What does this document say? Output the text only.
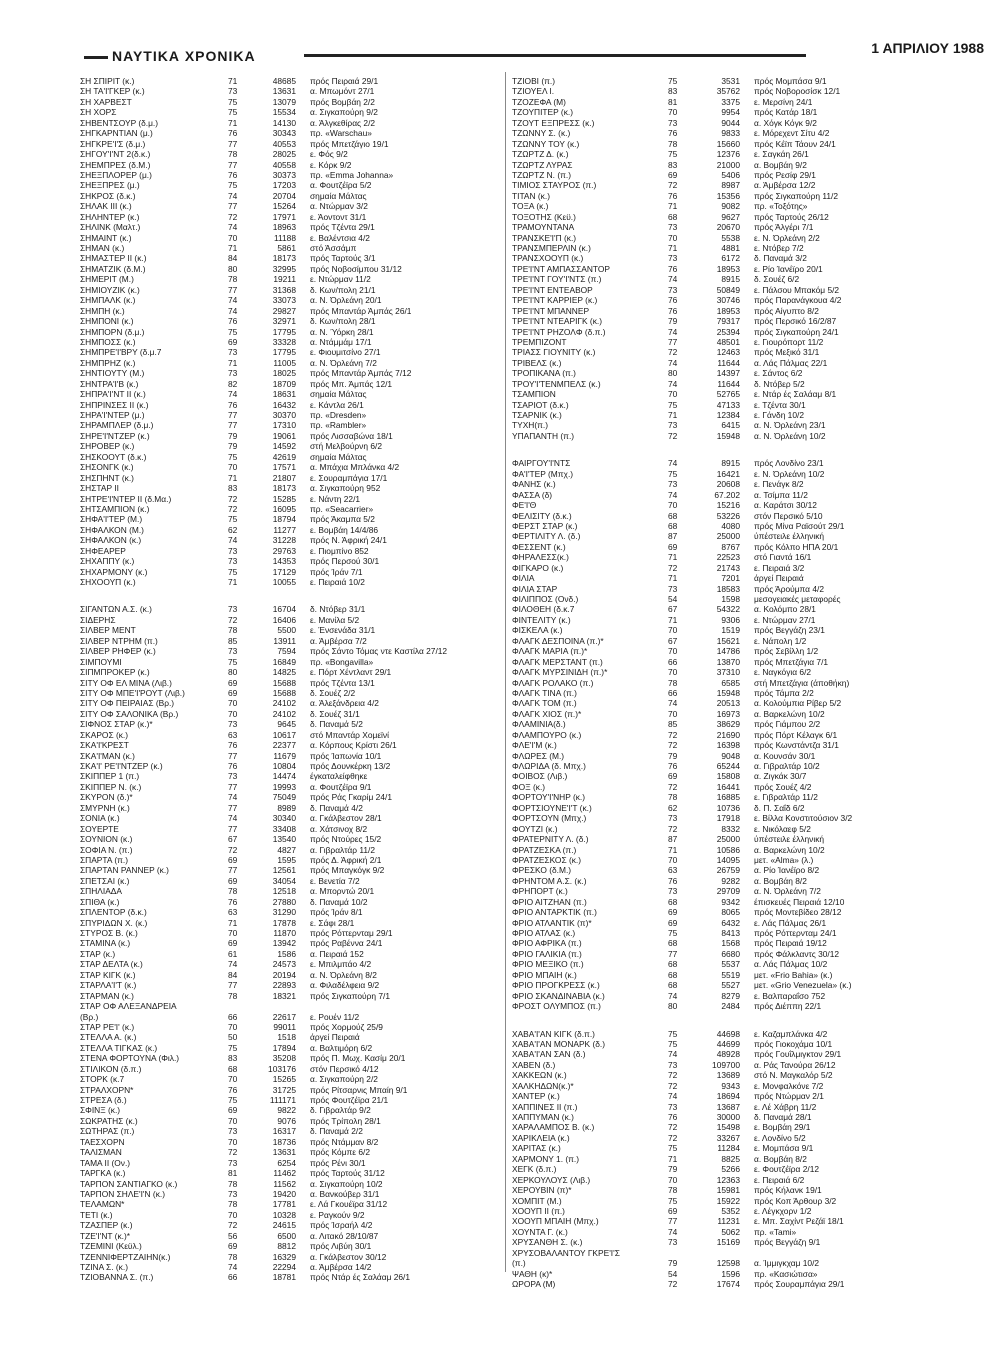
ΝΑΥΤΙΚΑ ΧΡΟΝΙΚΑ	1 ΑΠΡΙΛΙΟΥ 1988
ΣΗ ΣΠΙΡΙΤ (κ.)	71	48685	πρός Πειραιά 29/1
ΣΗ ΤΑ'Ι'ΓΚΕΡ (κ.)	73	13631	α. Μπωμόντ 27/1
ΣΗ ΧΑΡΒΕΣΤ	75	13079	πρός Βομβάη 2/2
ΣΗ ΧΟΡΣ	75	15534	α. Σιγκαπούρη 9/2
ΣΗΒΕΝΤΣΟΥΡ (δ.μ.)	71	14130	α. Άλγκεθίρας 2/2
ΣΗΓΚΑΡΝΤΙΑΝ (μ.)	76	30343	πρ. «Warschau»
ΣΗΓΚΡΕ'Ι'Σ (δ.μ.)	77	40553	πρός Μπετζάγιο 19/1
ΣΗΓΟΥ'Ι'ΝΤ 2(δ.κ.)	78	28025	ε. Φός 9/2
ΣΗΕΜΠΡΕΣ (δ.Μ.)	77	40558	ε. Κόρκ 9/2
ΣΗΕΞΠΛΟΡΕΡ (μ.)	76	30373	πρ. «Emma Johanna»
ΣΗΕΞΠΡΕΣ (μ.)	75	17203	α. Φουτζέϊρα 5/2
ΣΗΚΡΟΣ (δ.κ.)	74	20704	σημαία Μάλτας
ΣΗΛΑΚ ΙΙΙ (κ.)	77	15264	α. Ντώρμαν 3/2
ΣΗΛΗΝΤΕΡ (κ.)	72	17971	ε. Άοντοντ 31/1
ΣΗΛΙΝΚ (Μαλτ.)	74	18963	πρός Τζέντα 29/1
ΣΗΜΑΙΝΤ (κ.)	70	11188	ε. Βαλέντσια 4/2
ΣΗΜΑΝ (κ.)	71	5861	στό Άσσάμπ
ΣΗΜΑΣΤΕΡ ΙΙ (κ.)	84	18173	πρός Ταρτούς 3/1
ΣΗΜΑΤΖΙΚ (δ.Μ.)	80	32995	πρός Νοβοσίμπου 31/12
ΣΗΜΕΡΙΤ (Μ.)	78	19211	ε. Ντώρμαν 11/2
ΣΗΜΙΟΥΖΙΚ (κ.)	77	31368	δ. Κων/πολη 21/1
ΣΗΜΠΑΛΚ (κ.)	74	33073	α. Ν. Όρλεάνη 20/1
ΣΗΜΠΗ (κ.)	74	29827	πρός Μπαντάρ Άμπάς 26/1
ΣΗΜΠΟΝΙ (κ.)	76	32971	δ. Κων/πολη 28/1
ΣΗΜΠΟΡΝ (δ.μ.)	75	17795	α. Ν. Ύόρκη 28/1
ΣΗΜΠΟΣΣ (κ.)	69	33328	α. Ντάμμάμ 17/1
ΣΗΜΠΡΕ'Ι'ΒΡΥ (δ.μ.7	73	17795	ε. Φιουμιτσίνο 27/1
ΣΗΜΠΡΗΖ (κ.)	71	11005	α. Ν. Όρλεάνη 7/2
ΣΗΝΤΙΟΥΤΥ (Μ.)	73	18025	πρός Μπαντάρ Άμπάς 7/12
ΣΗΝΤΡΑ'Ι'Β (κ.)	82	18709	πρός Μπ. Άμπάς 12/1
ΣΗΠΡΑ'Ι'ΝΤ ΙΙ (κ.)	74	18631	σημαία Μάλτας
ΣΗΠΡΙΝΣΕΣ ΙΙ (κ.)	76	16432	ε. Κάντλα 26/1
ΣΗΡΑ'Ι'ΝΤΕΡ (μ.)	77	30370	πρ. «Dresden»
ΣΗΡΑΜΠΛΕΡ (δ.μ.)	77	17310	πρ. «Rambler»
ΣΗΡΕ'Ι'ΝΤΖΕΡ (κ.)	79	19061	πρός Λισσαβώνα 18/1
ΣΗΡΟΒΕΡ (κ.)	79	14592	στή Μελβούρνη 6/2
ΣΗΣΚΟΟΥΤ (δ.κ.)	75	42619	σημαία Μάλτας
ΣΗΣΟΝΓΚ (κ.)	70	17571	α. Μπάχια Μπλάνκα 4/2
ΣΗΣΠΗΝΤ (κ.)	71	21807	ε. Σουραμπάγια 17/1
ΣΗΣΤΑΡ ΙΙ	83	18173	α. Σιγκαπούρη 952
ΣΗΤΡΕ'Ι'ΝΤΕΡ ΙΙ (δ.Μα.)	72	15285	ε. Νάντη 22/1
ΣΗΤΣΑΜΠΙΟΝ (κ.)	72	16095	πρ. «Seacarrier»
ΣΗΦΑ'Ι'ΤΕΡ (Μ.)	75	18794	πρός Άκαμπα 5/2
ΣΗΦΑΛΚΟΝ (Μ.)	62	11277	ε. Βομβάη 14/4/86
ΣΗΦΑΛΚΟΝ (κ.)	74	31228	πρός Ν. Άφρική 24/1
ΣΗΦΕΑΡΕΡ	73	29763	ε. Πιομπίνο 852
ΣΗΧΑΠΠΥ (κ.)	73	14353	πρός Περσού 30/1
ΣΗΧΑΡΜΟΝΥ (κ.)	75	17129	πρός Ίράν 7/1
ΣΗΧΟΟΥΠ (κ.)	71	10055	ε. Πειραιά 10/2
ΣΙΓΑΝΤΩΝ Α.Σ. (κ.)	73	16704	δ. Ντόβερ 31/1
ΣΙΔΕΡΗΣ	72	16406	ε. Μανίλα 5/2
ΣΙΛΒΕΡ ΜΕΝΤ	78	5500	ε. Ένσενάδα 31/1
ΣΙΛΒΕΡ ΝΤΡΗΜ (π.)	85	13911	α. Άμβέρσα 7/2
ΣΙΛΒΕΡ ΡΗΦΕΡ (κ.)	73	7594	πρός Σάντο Τόμας ντε Καστίλα 27/12
ΣΙΜΠΟΥΜΙ	75	16849	πρ. «Bongavilla»
ΣΙΠΜΠΡΟΚΕΡ (κ.)	80	14825	ε. Πόρτ Χέντλαντ 29/1
ΣΙΤΥ ΟΦ ΕΛ ΜΙΝΑ (Λιβ.)	69	15688	πρός Τζέντα 13/1
ΣΙΤΥ ΟΦ ΜΠΕ'Ι'ΡΟΥΤ (Λιβ.)	69	15688	δ. Σουέζ 2/2
ΣΙΤΥ ΟΦ ΠΕΙΡΑΙΑΣ (Βρ.)	70	24102	α. Άλεξάνδρεια 4/2
ΣΙΤΥ ΟΦ ΣΑΛΟΝΙΚΑ (Βρ.)	70	24102	δ. Σουέζ 31/1
ΣΙΦΝΟΣ ΣΤΑΡ (κ.)*	73	9645	δ. Παναμά 5/2
ΣΚΑΡΟΣ (κ.)	63	10617	στό Μπαντάρ Χομεϊνί
ΣΚΑ'Ι'ΚΡΕΣΤ	76	22377	α. Κόρπους Κρίστι 26/1
ΣΚΑ'Ι'ΜΑΝ (κ.)	77	11679	πρός Ίαπωνία 10/1
ΣΚΑ'Ι' ΡΕ'Ι'ΝΤΖΕΡ (κ.)	76	10804	πρός Δουνκέρκη 13/2
ΣΚΙΠΠΕΡ 1 (π.)	73	14474	έγκαταλείφθηκε
ΣΚΙΠΠΕΡ Ν. (κ.)	77	19993	α. Φουτζέϊρα 9/1
ΣΚΥΡΟΝ (δ.)*	74	75049	πρός Ράς Γκαρίμ 24/1
ΣΜΥΡΝΗ (κ.)	77	8989	δ. Παναμά 4/2
ΣΟΝΙΑ (κ.)	74	30340	α. Γκάλβεστον 28/1
ΣΟΥΕΡΤΕ	77	33408	α. Χάτσινοχ 8/2
ΣΟΥΝΙΟΝ (κ.)	67	13540	πρός Ντούρες 15/2
ΣΟΦΙΑ Ν. (π.)	72	4827	α. Γιβραλτάρ 11/2
ΣΠΑΡΤΑ (π.)	69	1595	πρός Δ. Άφρική 2/1
ΣΠΑΡΤΑΝ ΡΑΝΝΕΡ (κ.)	77	12561	πρός Μπαγκόγκ 9/2
ΣΠΕΤΣΑΙ (κ.)	69	34054	ε. Βενετία 7/2
ΣΠΗΛΙΑΔΑ	78	12518	α. Μπορντώ 20/1
ΣΠΙΘΑ (κ.)	76	27880	δ. Παναμά 10/2
ΣΠΛΕΝΤΟΡ (δ.κ.)	63	31290	πρός Ίράν 8/1
ΣΠΥΡΙΔΩΝ Χ. (κ.)	71	17878	ε. Σάφι 28/1
ΣΤΥΡΟΣ Β. (κ.)	70	11870	πρός Ρόττερνταμ 29/1
ΣΤΑΜΙΝΑ (κ.)	69	13942	πρός Ραβέννα 24/1
ΣΤΑΡ (κ.)	61	1586	α. Πειραιά 152
ΣΤΑΡ ΔΕΛΤΑ (κ.)	74	24573	ε. Μπιλμπάο 4/2
ΣΤΑΡ ΚΙΓΚ (κ.)	84	20194	α. Ν. Όρλεάνη 8/2
ΣΤΑΡΛΑ'Ι'Τ (κ.)	77	22893	α. Φιλαδέλφεια 9/2
ΣΤΑΡΜΑΝ (κ.)	78	18321	πρός Σιγκαπούρη 7/1
ΣΤΑΡ ΟΦ ΑΛΕΞΑΝΔΡΕΙΑ
(Βρ.)	66	22617	ε. Ρουέν 11/2
ΣΤΑΡ ΡΕ'Ι' (κ.)	70	99011	πρός Χορμούζ 25/9
ΣΤΕΛΛΑ Α. (κ.)	50	1518	άργεί Πειραιά
ΣΤΕΛΛΑ ΤΙΓΚΑΣ (κ.)	75	17894	α. Βαλτιμόρη 6/2
ΣΤΕΝΑ ΦΟΡΤΟΥΝΑ (Φιλ.)	83	35208	πρός Π. Μωχ. Κασίμ 20/1
ΣΤΙΛΙΚΟΝ (δ.π.)	68	103176	στόν Περσικό 4/12
ΣΤΟΡΚ (κ.7	70	15265	α. Σιγκαπούρη 2/2
ΣΤΡΑΛΧΟΡΝ*	76	31725	πρός Ρίτσαρνις Μπαίη 9/1
ΣΤΡΕΣΑ (δ.)	75	111171	πρός Φουτζέϊρα 21/1
ΣΦΙΝΞ (κ.)	69	9822	δ. Γιβραλτάρ 9/2
ΣΩΚΡΑΤΗΣ (κ.)	70	9076	πρός Τρίπολη 28/1
ΣΩΤΗΡΑΣ (π.)	73	16317	δ. Παναμά 2/2
ΤΑΕΣΧΟΡΝ	70	18736	πρός Ντάμμαν 8/2
ΤΑΛΙΣΜΑΝ	72	13631	πρός Κόμπε 6/2
ΤΑΜΑ ΙΙ (Ον.)	73	6254	πρός Ρένι 30/1
ΤΑΡΓΚΑ (κ.)	81	11462	πρός Ταρτούς 31/12
ΤΑΡΠΟΝ ΣΑΝΤΙΑΓΚΟ (κ.)	78	11562	α. Σιγκαπούρη 10/2
ΤΑΡΠΟΝ ΣΗΛΕ'Ι'Ν (κ.)	73	19420	α. Βανκούβερ 31/1
ΤΕΛΑΜΩΝ*	78	17781	ε. Λά Γκουέϊρα 31/12
ΤΕΤΙ (κ.)	70	10328	ε. Ραγκούν 9/2
ΤΖΑΣΠΕΡ (κ.)	72	24615	πρός Ίσραήλ 4/2
ΤΖΕ'Ι'ΝΤ (κ.)*	56	6500	α. Λιτακό 28/10/87
ΤΖΕΜΙΝΙ (Κεϋλ.)	69	8812	πρός Λιβύη 30/1
ΤΖΕΝΝΙΦΕΡΤΖΑΙΗΝ(κ.)	78	16329	α. Γκάλβεστον 30/12
ΤΖΙΝΑ Σ. (κ.)	74	22294	α. Άμβέρσα 14/2
ΤΖΙΟΒΑΝΝΑ Σ. (π.)	66	18781	πρός Ντάρ ές Σαλάαμ 26/1
ΤΖΙΟΒΙ (π.)	75	3531	πρός Μομπάσα 9/1
ΤΖΙΟΥΕΛ Ι.	83	35762	πρός Νοβοροσίσκ 12/1
ΤΖΟΖΕΦΑ (Μ)	81	3375	ε. Μερσίνη 24/1
ΤΖΟΥΠΙΤΕΡ (κ.)	70	9954	πρός Κατάρ 18/1
ΤΖΟΥΤ ΕΞΠΡΕΣΣ (κ.)	73	9044	α. Χόγκ Κόγκ 9/2
ΤΖΩΝΝΥ Σ. (κ.)	76	9833	ε. Μόρεχεντ Σίτυ 4/2
ΤΖΩΝΝΥ ΤΟΥ (κ.)	78	15660	πρός Κέϊπ Τάουν 24/1
ΤΖΩΡΤΖ Δ. (κ.)	75	12376	ε. Σαγκάη 26/1
ΤΖΩΡΤΖ ΛΥΡΑΣ	83	21000	α. Βομβάη 9/2
ΤΖΩΡΤΖ Ν. (π.)	69	5406	πρός Ρεσίφ 29/1
ΤΙΜΙΟΣ ΣΤΑΥΡΟΣ (π.)	72	8987	α. Άμβέρσα 12/2
ΤΙΤΑΝ (κ.)	76	15356	πρός Σιγκαπούρη 11/2
ΤΟΞΑ (κ.)	71	9082	πρ. «Τοξότης»
ΤΟΞΟΤΗΣ (Κεϋ.)	68	9627	πρός Ταρτούς 26/12
ΤΡΑΜΟΥΝΤΑΝΑ	73	20670	πρός Άλγέρι 7/1
ΤΡΑΝΣΚΕ'Ι'Π (κ.)	70	5538	ε. Ν. Όρλεάνη 2/2
ΤΡΑΝΣΜΠΕΡΛΙΝ (κ.)	71	4881	ε. Ντόβερ 7/2
ΤΡΑΝΣΧΟΟΥΠ (κ.)	73	6172	δ. Παναμά 3/2
ΤΡΕ'Ι'ΝΤ ΑΜΠΑΣΣΑΝΤΟΡ	76	18953	ε. Ρίο Ίανέϊρο 20/1
ΤΡΕ'Ι'ΝΤ ΓΟΥ'Ι'ΝΤΣ (π.)	74	8915	δ. Σουέζ 6/2
ΤΡΕ'Ι'ΝΤ ΕΝΤΕΑΒΟΡ	73	50849	ε. Πάλσου Μπακόμ 5/2
ΤΡΕ'Ι'ΝΤ ΚΑΡΡΙΕΡ (κ.)	76	30746	πρός Παρανάγκουα 4/2
ΤΡΕ'Ι'ΝΤ ΜΠΑΝΝΕΡ	76	18953	πρός Αίγυπτο 8/2
ΤΡΕ'Ι'ΝΤ ΝΤΕΑΡΙΓΚ (κ.)	79	79317	πρός Περσικό 16/2/87
ΤΡΕ'Ι'ΝΤ ΡΗΖΟΛΦ (δ.π.)	74	25394	πρός Σιγκαπούρη 24/1
ΤΡΕΜΠΙΖΟΝΤ	77	48501	ε. Γιουρόπορτ 11/2
ΤΡΙΑΣΣ ΓΙΟΥΝΙΤΥ (κ.)	72	12463	πρός Μεξικό 31/1
ΤΡΙΒΕΛΣ (κ.)	74	11644	α. Λάς Πάλμας 22/1
ΤΡΟΠΙΚΑΝΑ (π.)	80	14397	ε. Σάντος 6/2
ΤΡΟΥ'Ι'ΤΕΝΜΠΕΛΣ (κ.)	74	11644	δ. Ντόβερ 5/2
ΤΣΑΜΠΙΟΝ	70	52765	ε. Ντάρ ές Σαλάαμ 8/1
ΤΣΑΡΙΟΤ (δ.κ.)	75	47133	ε. Τζέντα 30/1
ΤΣΑΡΝΙΚ (κ.)	71	12384	ε. Γάνδη 10/2
ΤΥΧΗ(π.)	73	6415	α. Ν. Όρλεάνη 23/1
ΥΠΑΠΑΝΤΗ (π.)	72	15948	α. Ν. Όρλεάνη 10/2
ΦΑΙΡΓΟΥ'Ι'ΝΤΣ	74	8915	πρός Λονδίνο 23/1
ΦΑ'Ι'ΤΕΡ (Μπχ.)	75	16421	ε. Ν. Όρλεάνη 10/2
ΦΑΝΗΣ (κ.)	73	20608	ε. Πενάγκ 8/2
ΦΑΣΣΑ (δ)	74	67.202	α. Τσίμπα 11/2
ΦΕ'Ι'Θ	70	15216	α. Καράτσι 30/12
ΦΕΛΙΣΙΤΥ (δ.κ.)	68	53226	στόν Περσικό 5/10
ΦΕΡΣΤ ΣΤΑΡ (κ.)	68	4080	πρός Μίνα Ραϊσούτ 29/1
ΦΕΡΤΙΛΙΤΥ Λ. (δ.)	87	25000	ύπέστειλε έλληνική
ΦΕΣΣΕΝΤ (κ.)	69	8767	πρός Κόλπο ΗΠΑ 20/1
ΦΗΡΑΛΕΣΣ(κ.)	71	22523	στό Γιαντά 16/1
ΦΙΓΚΑΡΟ (κ.)	72	21743	ε. Πειραιά 3/2
ΦΙΛΙΑ	71	7201	άργεί Πειραιά
ΦΙΛΙΑ ΣΤΑΡ	73	18583	πρός Άρούμπα 4/2
ΦΙΛΙΠΠΟΣ (Ονδ.)	54	1598	μεσογειακές μεταφορές
ΦΙΛΟΘΕΗ (δ.κ.7	67	54322	α. Κολόμπο 28/1
ΦΙΝΤΕΛΙΤΥ (κ.)	71	9306	ε. Ντώρμαν 27/1
ΦΙΣΚΕΛΑ (κ.)	70	1519	πρός Βεγγάζη 23/1
ΦΛΑΓΚ ΔΕΣΠΟΙΝΑ (π.)*	67	15621	ε. Νάπολη 1/2
ΦΛΑΓΚ ΜΑΡΙΑ (π.)*	70	14786	πρός Σεβίλλη 1/2
ΦΛΑΓΚ ΜΕΡΣΤΑΝΤ (π.)	66	13870	πρός Μπετζάγια 7/1
ΦΛΑΓΚ ΜΥΡΣΙΝΙΔΗ (π.)*	70	37310	ε. Ναγκόγια 6/2
ΦΛΑΓΚ ΡΟΛΑΚΟ (π.)	78	6585	στή Μπετζάγια (άποθήκη)
ΦΛΑΓΚ ΤΙΝΑ (π.)	66	15948	πρός Τάμπα 2/2
ΦΛΑΓΚ ΤΟΜ (π.)	74	20513	α. Κολούμπια Ρίβερ 5/2
ΦΛΑΓΚ ΧΙΟΣ (π.)*	70	16973	α. Βαρκελώνη 10/2
ΦΛΑΜΙΝΙΑ(δ.)	85	38629	πρός Γιάμπου 2/2
ΦΛΑΜΠΟΥΡΟ (κ.)	72	21690	πρός Πόρτ Κέλαγκ 6/1
ΦΛΕ'Ι'Μ (κ.)	72	16398	πρός Κωνστάντζα 31/1
ΦΛΩΡΕΣ (Μ.)	79	9048	α. Κουνσάν 30/1
ΦΛΩΡΙΔΑ (δ. Μπχ.)	76	65244	α. Γιβραλτάρ 10/2
ΦΟΙΒΟΣ (Λιβ.)	69	15808	α. Ζιγκάκ 30/7
ΦΟΞ (κ.)	72	16441	πρός Σουέζ 4/2
ΦΟΡΤΟΥ'Ι'ΝΗΡ (κ.)	78	16885	ε. Γιβραλτάρ 11/2
ΦΟΡΤΣΙΟΥΝΕ'Ι'Τ (κ.)	62	10736	δ. Π. Σαΐδ 6/2
ΦΟΡΤΣΟΥΝ (Μπχ.)	73	17918	ε. Βίλλα Κονστιτούσιον 3/2
ΦΟΥΤΖΙ (κ.)	72	8332	ε. Νικόλαεφ 5/2
ΦΡΑΤΕΡΝΙΤΥ Λ. (δ.)	87	25000	ύπέστειλε έλληνική
ΦΡΑΤΖΕΣΚΑ (π.)	71	10586	α. Βαρκελώνη 10/2
ΦΡΑΤΖΕΣΚΟΣ (κ.)	70	14095	μετ. «Alma» (λ.)
ΦΡΕΣΚΟ (δ.Μ.)	63	26759	α. Ρίο Ίανέϊρο 8/2
ΦΡΗΝΤΟΜ Α.Σ. (κ.)	76	9282	α. Βομβάη 8/2
ΦΡΗΠΟΡΤ (κ.)	73	29709	α. Ν. Όρλεάνη 7/2
ΦΡΙΟ ΑΙΤΖΗΑΝ (π.)	68	9342	έπισκευές Πειραιά 12/10
ΦΡΙΟ ΑΝΤΑΡΚΤΙΚ (π.)	69	8065	πρός Μοντεβίδεο 28/12
ΦΡΙΟ ΑΤΛΑΝΤΙΚ (π)*	69	6432	ε. Λάς Πάλμας 26/1
ΦΡΙΟ ΑΤΛΑΣ (κ.)	75	8413	πρός Ρόττερνταμ 24/1
ΦΡΙΟ ΑΦΡΙΚΑ (π.)	68	1568	πρός Πειραιά 19/12
ΦΡΙΟ ΓΑΛΙΚΙΑ (π.)	77	6680	πρός Φάλκλαντς 30/12
ΦΡΙΟ ΜΕΞΙΚΟ (π.)	68	5537	α. Λάς Πάλμας 10/2
ΦΡΙΟ ΜΠΑΙΗ (κ.)	68	5519	μετ. «Frio Bahia» (κ.)
ΦΡΙΟ ΠΡΟΓΚΡΕΣΣ (κ.)	68	5527	μετ. «Grio Venezuela» (κ.)
ΦΡΙΟ ΣΚΑΝΔΙΝΑΒΙΑ (κ.)	74	8279	ε. Βαλπαραΐσο 752
ΦΡΟΣΤ ΟΛΥΜΠΟΣ (π.)	80	2484	πρός Διέππη 22/1
ΧΑΒΑ'Ι'ΑΝ ΚΙΓΚ (δ.π.)	75	44698	ε. Καζαμπλάνκα 4/2
ΧΑΒΑ'Ι'ΑΝ ΜΟΝΑΡΚ (δ.)	75	44699	πρός Γιοκοχάμα 10/1
ΧΑΒΑ'Ι'ΑΝ ΣΑΝ (δ.)	74	48928	πρός Γουΐλμιγκτον 29/1
ΧΑΒΕΝ (δ.)	73	109700	α. Ράς Τανούρα 26/12
ΧΑΚΚΕΩΝ (κ.)	72	13689	στό Ν. Μαγκαλόρ 5/2
ΧΑΛΚΗΔΩΝ(κ.)*	72	9343	ε. Μονφαλκόνε 7/2
ΧΑΝΤΕΡ (κ.)	74	18694	πρός Ντώρμαν 2/1
ΧΑΠΠΙΝΕΣ ΙΙ (π.)	73	13687	ε. Λέ Χάβρη 11/2
ΧΑΠΠΥΜΑΝ (κ.)	76	30000	δ. Παναμά 28/1
ΧΑΡΑΛΑΜΠΟΣ Β. (κ.)	72	15498	ε. Βομβάη 29/1
ΧΑΡΙΚΛΕΙΑ (κ.)	72	33267	ε. Λονδίνο 5/2
ΧΑΡΙΤΑΣ (κ.)	75	11284	ε. Μομπάσα 9/1
ΧΑΡΜΟΝΥ 1. (π.)	71	8825	α. Βομβάη 8/2
ΧΕΓΚ (δ.π.)	79	5266	ε. Φουτζέϊρα 2/12
ΧΕΡΚΟΥΛΟΥΣ (Λιβ.)	70	12363	ε. Πειραιά 6/2
ΧΕΡΟΥΒΙΝ (π)*	78	15981	πρός Κήλανκ 19/1
ΧΟΜΠΙΤ (Μ.)	75	15922	πρός Κοπ Άρθουρ 3/2
ΧΟΟΥΠ ΙΙ (π.)	69	5352	ε. Λέγκχορν 1/2
ΧΟΟΥΠ ΜΠΑΙΗ (Μπχ.)	77	11231	ε. Μπ. Σαχίντ Ρεζάϊ 18/1
ΧΟΥΝΤΑ Γ. (κ.)	74	5062	πρ. «Tami»
ΧΡΥΣΑΝΘΗ Σ. (κ.)	73	15169	πρός Βεγγάζη 9/1
ΧΡΥΣΟΒΑΛΑΝΤΟΥ ΓΚΡΕ'Ι'Σ
(π.)	79	12598	α. Ίμμιγκχαμ 10/2
ΨΑΘΗ (κ)*	54	1596	πρ. «Κασιώτισα»
ΩΡΟΡΑ (Μ)	72	17674	πρός Σουραμπάγια 29/1
